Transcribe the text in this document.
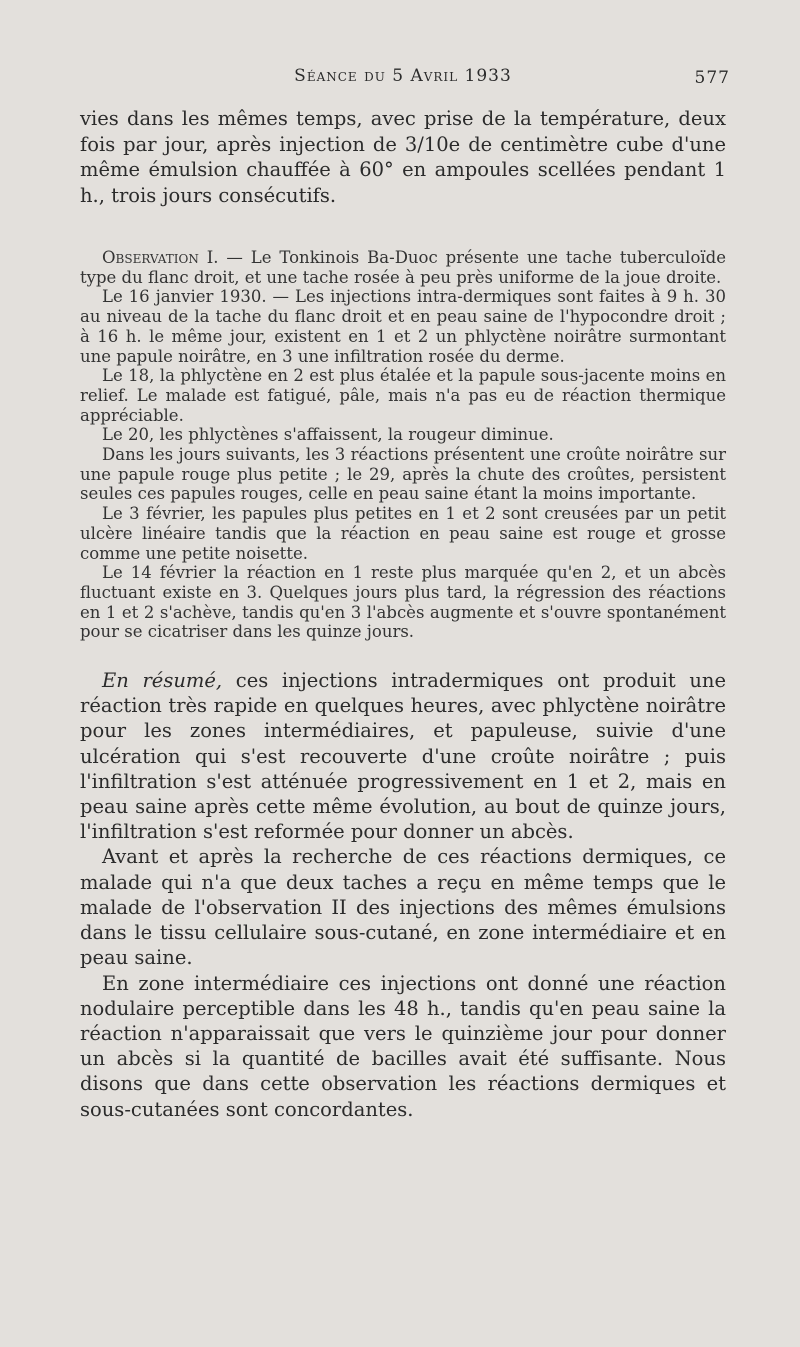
Séance du 5 Avril 1933	577

vies dans les mêmes temps, avec prise de la température, deux fois par jour, après injection de 3/10e de centimètre cube d'une même émulsion chauffée à 60° en ampoules scellées pendant 1 h., trois jours consécutifs.

Observation I. — Le Tonkinois Ba-Duoc présente une tache tuberculoïde type du flanc droit, et une tache rosée à peu près uniforme de la joue droite.

Le 16 janvier 1930. — Les injections intra-dermiques sont faites à 9 h. 30 au niveau de la tache du flanc droit et en peau saine de l'hypocondre droit ; à 16 h. le même jour, existent en 1 et 2 un phlyctène noirâtre surmontant une papule noirâtre, en 3 une infiltration rosée du derme.

Le 18, la phlyctène en 2 est plus étalée et la papule sous-jacente moins en relief. Le malade est fatigué, pâle, mais n'a pas eu de réaction thermique appréciable.

Le 20, les phlyctènes s'affaissent, la rougeur diminue.

Dans les jours suivants, les 3 réactions présentent une croûte noirâtre sur une papule rouge plus petite ; le 29, après la chute des croûtes, persistent seules ces papules rouges, celle en peau saine étant la moins importante.

Le 3 février, les papules plus petites en 1 et 2 sont creusées par un petit ulcère linéaire tandis que la réaction en peau saine est rouge et grosse comme une petite noisette.

Le 14 février la réaction en 1 reste plus marquée qu'en 2, et un abcès fluctuant existe en 3. Quelques jours plus tard, la régression des réactions en 1 et 2 s'achève, tandis qu'en 3 l'abcès augmente et s'ouvre spontanément pour se cicatriser dans les quinze jours.

En résumé, ces injections intradermiques ont produit une réaction très rapide en quelques heures, avec phlyctène noirâtre pour les zones intermédiaires, et papuleuse, suivie d'une ulcération qui s'est recouverte d'une croûte noirâtre ; puis l'infiltration s'est atténuée progressivement en 1 et 2, mais en peau saine après cette même évolution, au bout de quinze jours, l'infiltration s'est reformée pour donner un abcès.

Avant et après la recherche de ces réactions dermiques, ce malade qui n'a que deux taches a reçu en même temps que le malade de l'observation II des injections des mêmes émulsions dans le tissu cellulaire sous-cutané, en zone intermédiaire et en peau saine.

En zone intermédiaire ces injections ont donné une réaction nodulaire perceptible dans les 48 h., tandis qu'en peau saine la réaction n'apparaissait que vers le quinzième jour pour donner un abcès si la quantité de bacilles avait été suffisante. Nous disons que dans cette observation les réactions dermiques et sous-cutanées sont concordantes.
